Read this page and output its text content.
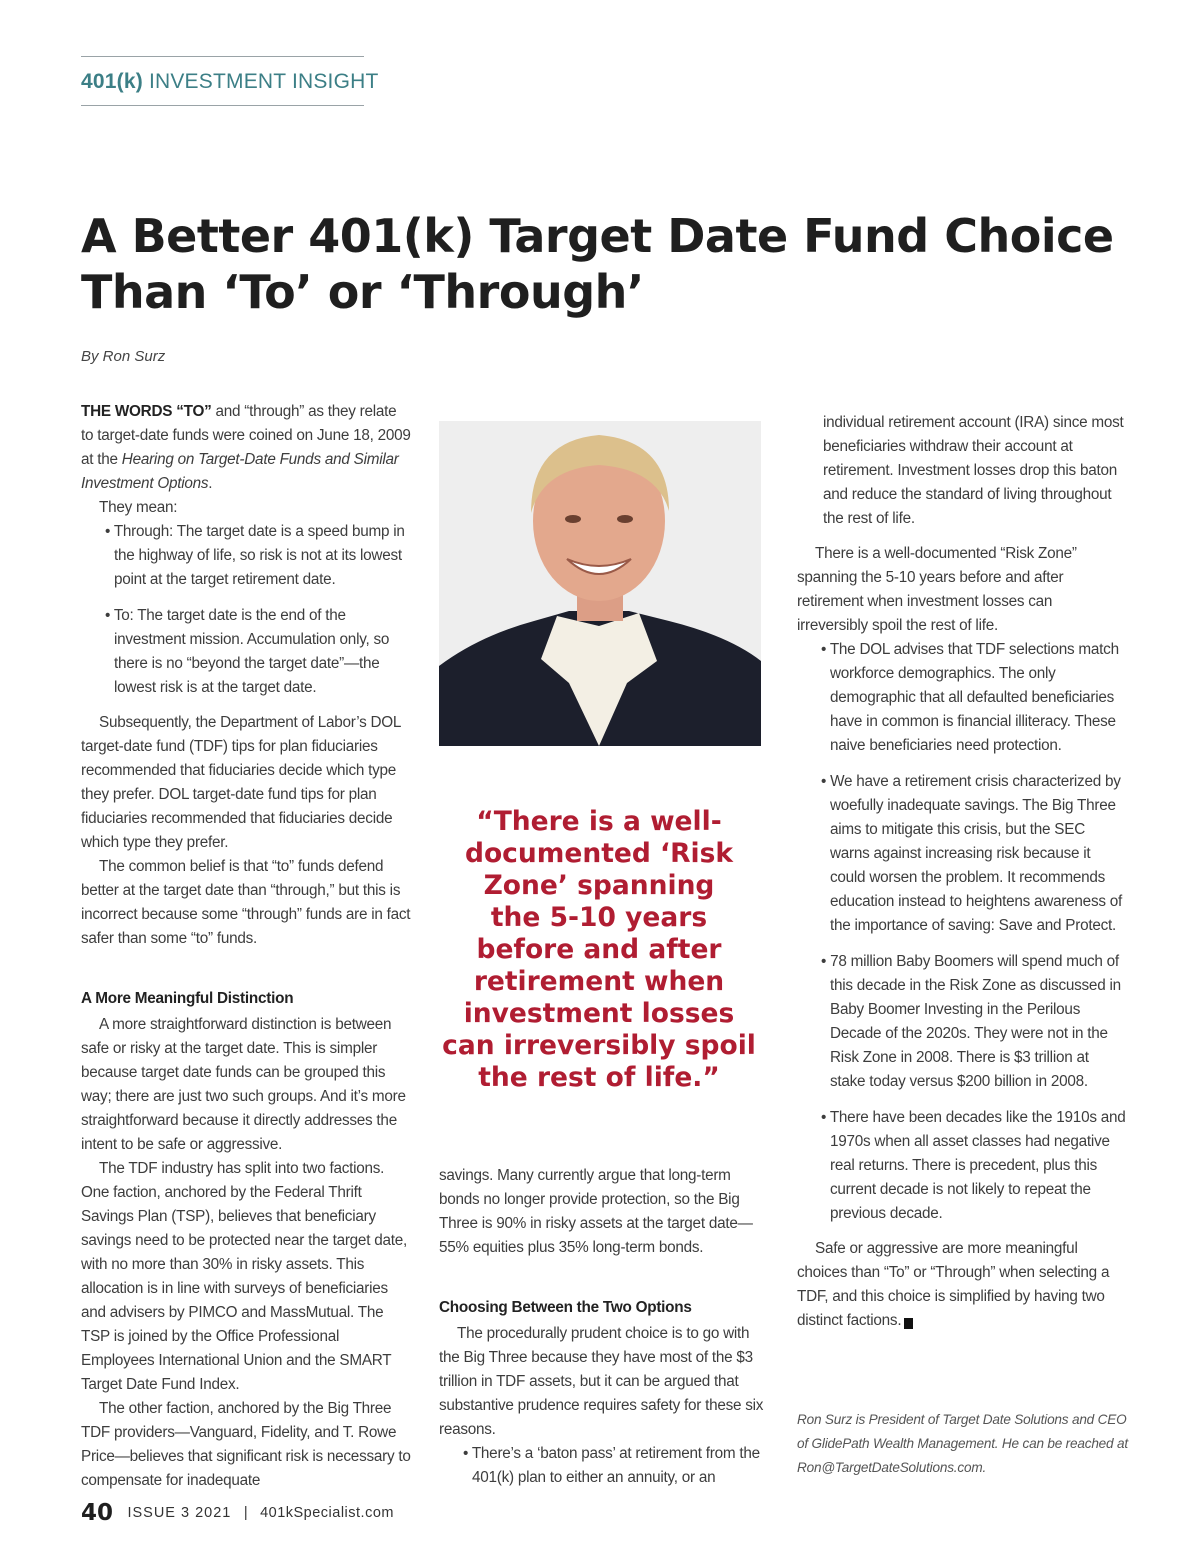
401(k) INVESTMENT INSIGHT
A Better 401(k) Target Date Fund Choice
Than ‘To’ or ‘Through’
By Ron Surz

THE WORDS “TO” and “through” as they relate to target-date funds were coined on June 18, 2009 at the Hearing on Target-Date Funds and Similar Investment Options.

They mean:

• Through: The target date is a speed bump in the highway of life, so risk is not at its lowest point at the target retirement date.

• To: The target date is the end of the investment mission. Accumulation only, so there is no “beyond the target date”—the lowest risk is at the target date.

Subsequently, the Department of Labor’s DOL target-date fund (TDF) tips for plan fiduciaries recommended that fiduciaries decide which type they prefer. DOL target-date fund tips for plan fiduciaries recommended that fiduciaries decide which type they prefer.

The common belief is that “to” funds defend better at the target date than “through,” but this is incorrect because some “through” funds are in fact safer than some “to” funds.

A More Meaningful Distinction

A more straightforward distinction is between safe or risky at the target date. This is simpler because target date funds can be grouped this way; there are just two such groups. And it’s more straightforward because it directly addresses the intent to be safe or aggressive.

The TDF industry has split into two factions. One faction, anchored by the Federal Thrift Savings Plan (TSP), believes that beneficiary savings need to be protected near the target date, with no more than 30% in risky assets. This allocation is in line with surveys of beneficiaries and advisers by PIMCO and MassMutual. The TSP is joined by the Office Professional Employees International Union and the SMART Target Date Fund Index.

The other faction, anchored by the Big Three TDF providers—Vanguard, Fidelity, and T. Rowe Price—believes that significant risk is necessary to compensate for inadequate

“There is a well-
documented ‘Risk
Zone’ spanning
the 5-10 years
before and after
retirement when
investment losses
can irreversibly spoil
the rest of life.”

savings. Many currently argue that long-term bonds no longer provide protection, so the Big Three is 90% in risky assets at the target date—55% equities plus 35% long-term bonds.

Choosing Between the Two Options

The procedurally prudent choice is to go with the Big Three because they have most of the $3 trillion in TDF assets, but it can be argued that substantive prudence requires safety for these six reasons.

• There’s a ‘baton pass’ at retirement from the 401(k) plan to either an annuity, or an

individual retirement account (IRA) since most beneficiaries withdraw their account at retirement. Investment losses drop this baton and reduce the standard of living throughout the rest of life.

There is a well-documented “Risk Zone” spanning the 5-10 years before and after retirement when investment losses can irreversibly spoil the rest of life.

• The DOL advises that TDF selections match workforce demographics. The only demographic that all defaulted beneficiaries have in common is financial illiteracy. These naive beneficiaries need protection.

• We have a retirement crisis characterized by woefully inadequate savings. The Big Three aims to mitigate this crisis, but the SEC warns against increasing risk because it could worsen the problem. It recommends education instead to heightens awareness of the importance of saving: Save and Protect.

• 78 million Baby Boomers will spend much of this decade in the Risk Zone as discussed in Baby Boomer Investing in the Perilous Decade of the 2020s. They were not in the Risk Zone in 2008. There is $3 trillion at stake today versus $200 billion in 2008.

• There have been decades like the 1910s and 1970s when all asset classes had negative real returns. There is precedent, plus this current decade is not likely to repeat the previous decade.

Safe or aggressive are more meaningful choices than “To” or “Through” when selecting a TDF, and this choice is simplified by having two distinct factions.	K

Ron Surz is President of Target Date Solutions and CEO of GlidePath Wealth Management. He can be reached at Ron@TargetDateSolutions.com.
40 ISSUE 3 2021 | 401kSpecialist.com
